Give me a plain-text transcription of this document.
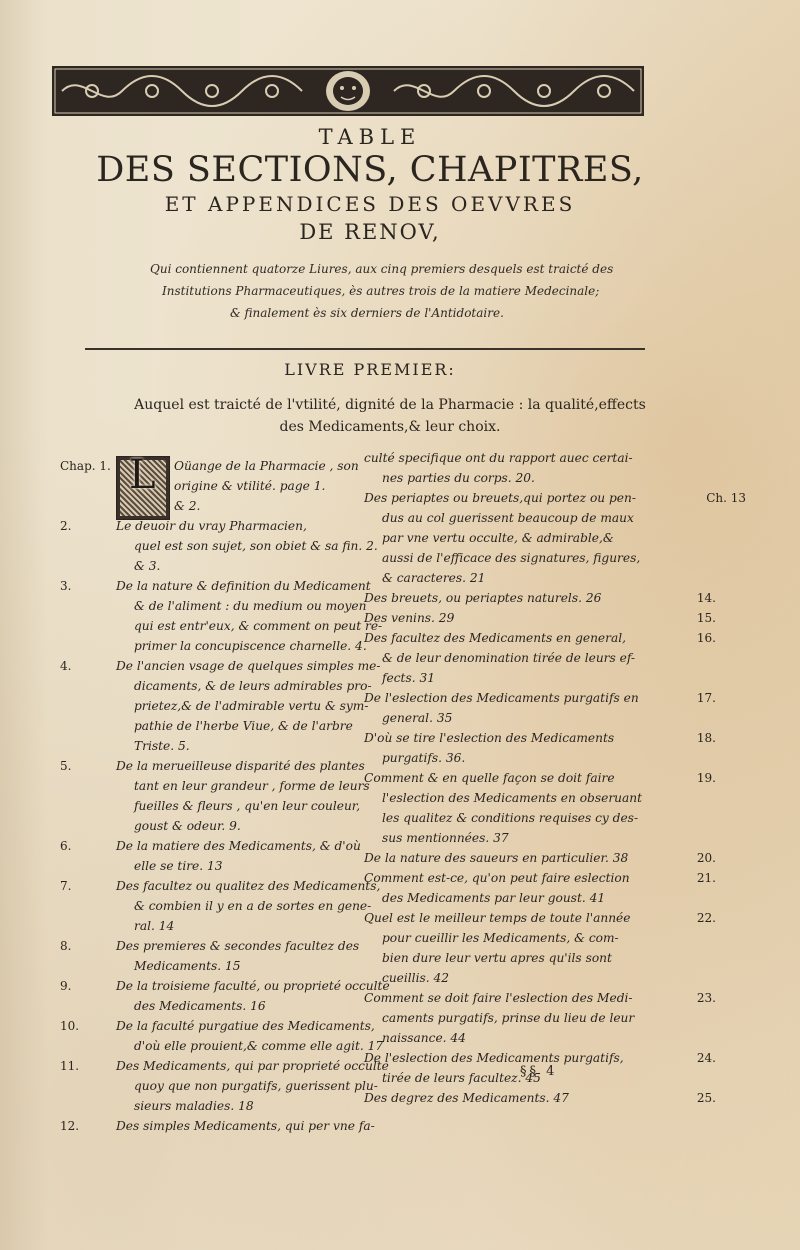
TABLE

DES SECTIONS, CHAPITRES,

ET APPENDICES DES OEVVRES

DE RENOV,

Qui contiennent quatorze Liures, aux cinq premiers desquels est traicté des
Institutions Pharmaceutiques, ès autres trois de la matiere Medecinale;
& finalement ès six derniers de l'Antidotaire.
LIVRE PREMIER:
Auquel est traicté de l'vtilité, dignité de la Pharmacie : la qualité,effects
des Medicaments,& leur choix.
Chap. 1. L	Oüange de la Pharmacie , son
origine & vtilité. page 1.
& 2.
2.	Le deuoir du vray Pharmacien,
quel est son sujet, son obiet & sa fin. 2.
& 3.
3.	De la nature & definition du Medicament
& de l'aliment : du medium ou moyen
qui est entr'eux, & comment on peut re-
primer la concupiscence charnelle. 4.
4.	De l'ancien vsage de quelques simples me-
dicaments, & de leurs admirables pro-
prietez,& de l'admirable vertu & sym-
pathie de l'herbe Viue, & de l'arbre
Triste. 5.
5.	De la merueilleuse disparité des plantes
tant en leur grandeur , forme de leurs
fueilles & fleurs , qu'en leur couleur,
goust & odeur. 9.
6.	De la matiere des Medicaments, & d'où
elle se tire. 13
7.	Des facultez ou qualitez des Medicaments,
& combien il y en a de sortes en gene-
ral. 14
8.	Des premieres & secondes facultez des
Medicaments. 15
9.	De la troisieme faculté, ou proprieté occulte
des Medicaments. 16
10.	De la faculté purgatiue des Medicaments,
d'où elle prouient,& comme elle agit. 17
11.	Des Medicaments, qui par proprieté occulte
quoy que non purgatifs, guerissent plu-
sieurs maladies. 18
12.	Des simples Medicaments, qui per vne fa-
culté specifique ont du rapport auec certai-
nes parties du corps. 20.
Ch. 13
Des periaptes ou breuets,qui portez ou pen-
dus au col guerissent beaucoup de maux
par vne vertu occulte, & admirable,&
aussi de l'efficace des signatures, figures,
& caracteres. 21
14.
Des breuets, ou periaptes naturels. 26
15.
Des venins. 29
16.
Des facultez des Medicaments en general,
& de leur denomination tirée de leurs ef-
fects. 31
17.
De l'eslection des Medicaments purgatifs en
general. 35
18.
D'où se tire l'eslection des Medicaments
purgatifs. 36.
19.
Comment & en quelle façon se doit faire
l'eslection des Medicaments en obseruant
les qualitez & conditions requises cy des-
sus mentionnées. 37
20.
De la nature des saueurs en particulier. 38
21.
Comment est-ce, qu'on peut faire eslection
des Medicaments par leur goust. 41
22.
Quel est le meilleur temps de toute l'année
pour cueillir les Medicaments, & com-
bien dure leur vertu apres qu'ils sont
cueillis. 42
23.
Comment se doit faire l'eslection des Medi-
caments purgatifs, prinse du lieu de leur
naissance. 44
24.
De l'eslection des Medicaments purgatifs,
tirée de leurs facultez. 45
25.
Des degrez des Medicaments. 47
§§ 4
